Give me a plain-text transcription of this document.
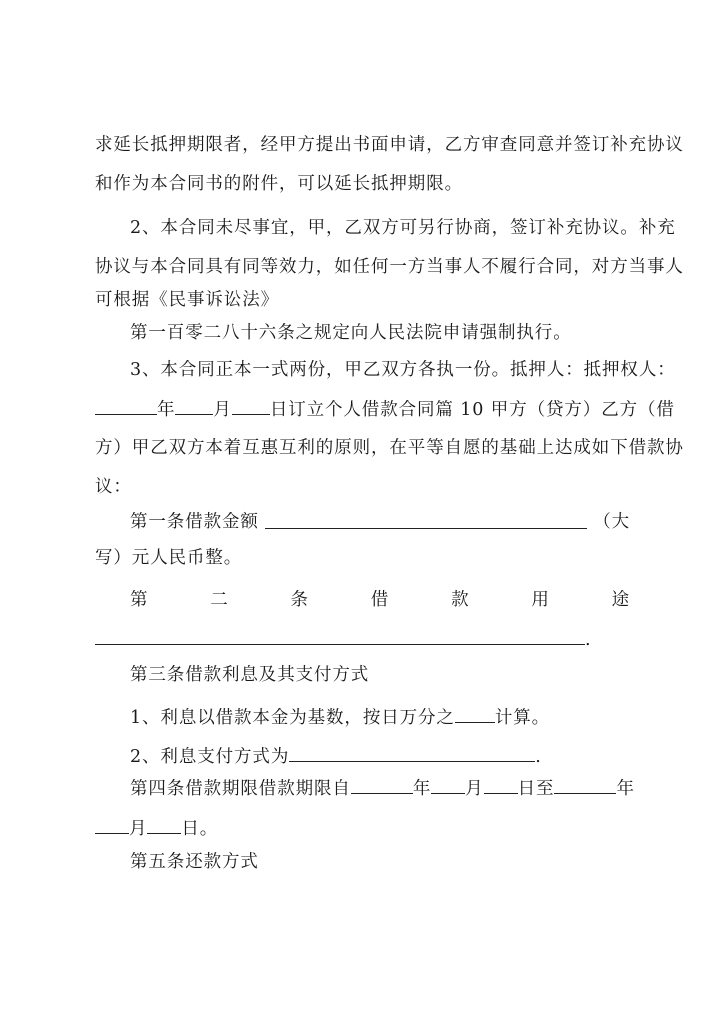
求延长抵押期限者，经甲方提出书面申请，乙方审查同意并签订补充协议
和作为本合同书的附件，可以延长抵押期限。
2、本合同未尽事宜，甲，乙双方可另行协商，签订补充协议。补充
协议与本合同具有同等效力，如任何一方当事人不履行合同，对方当事人
可根据《民事诉讼法》
第一百零二八十六条之规定向人民法院申请强制执行。
3、本合同正本一式两份，甲乙双方各执一份。抵押人：抵押权人：
年 月 日订立个人借款合同篇 10 甲方（贷方）乙方（借
方）甲乙双方本着互惠互利的原则，在平等自愿的基础上达成如下借款协
议：
第一条借款金额	（大
写）元人民币整。
第	二	条	借	款	用	途
.
第三条借款利息及其支付方式
1、利息以借款本金为基数，按日万分之 计算。
2、利息支付方式为	.
第四条借款期限借款期限自	年 月 日至	年
月 日。
第五条还款方式
